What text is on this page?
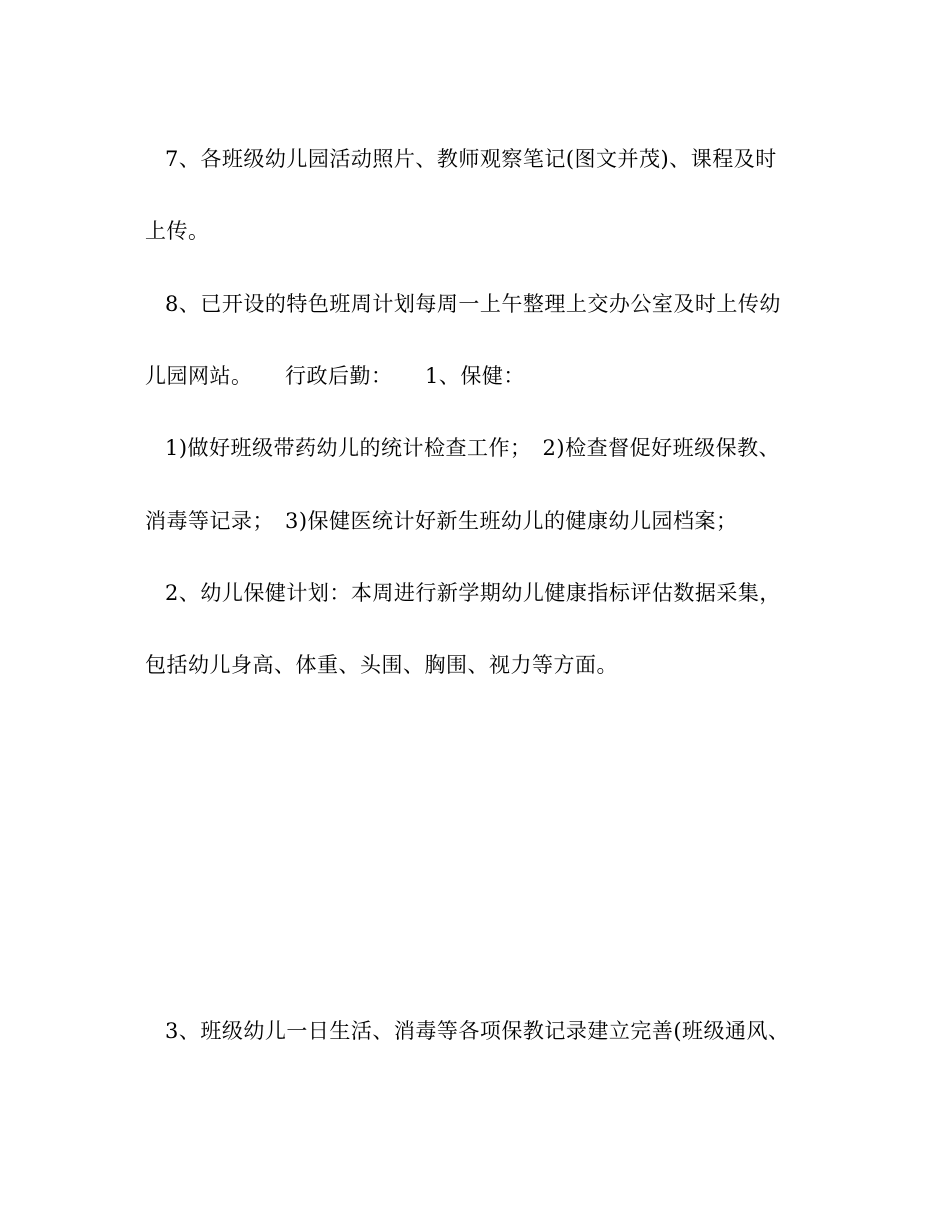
7、各班级幼儿园活动照片、教师观察笔记(图文并茂)、课程及时
上传。
8、已开设的特色班周计划每周一上午整理上交办公室及时上传幼
儿园网站。　　行政后勤：　　1、保健：
1)做好班级带药幼儿的统计检查工作；　2)检查督促好班级保教、
消毒等记录；　3)保健医统计好新生班幼儿的健康幼儿园档案；
2、幼儿保健计划：本周进行新学期幼儿健康指标评估数据采集，
包括幼儿身高、体重、头围、胸围、视力等方面。
3、班级幼儿一日生活、消毒等各项保教记录建立完善(班级通风、
